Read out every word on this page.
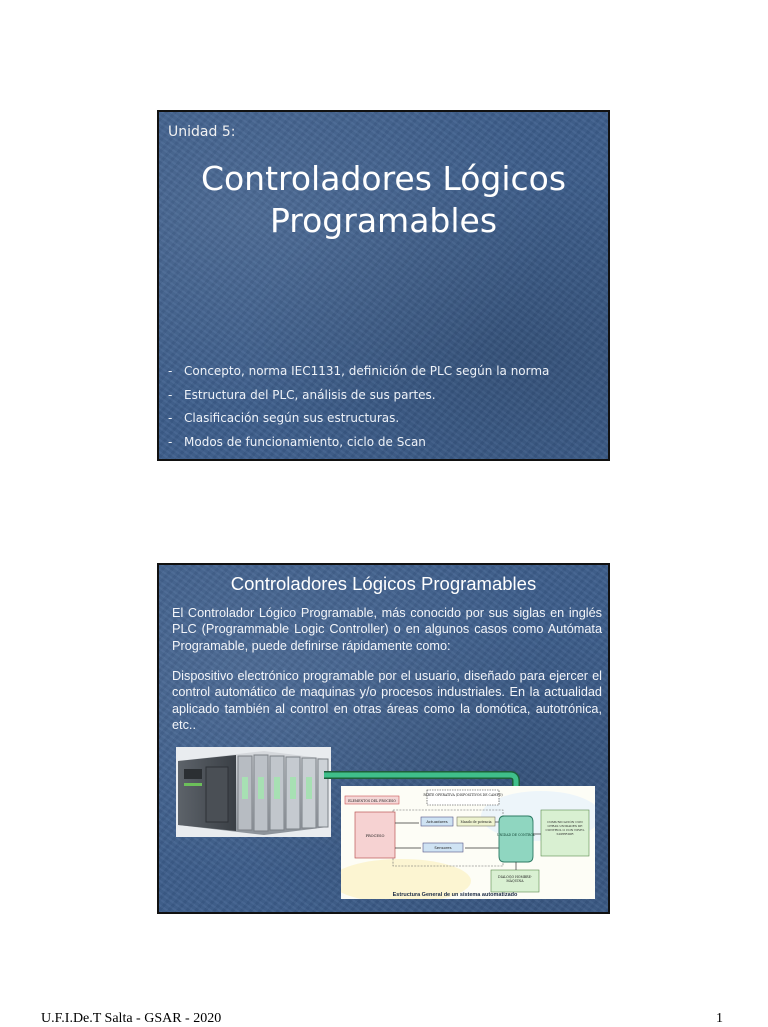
Unidad 5:
Controladores Lógicos
Programables
- Concepto, norma IEC1131, definición de PLC según la norma
- Estructura del PLC, análisis de sus partes.
- Clasificación según sus estructuras.
- Modos de funcionamiento, ciclo de Scan
Controladores Lógicos Programables

El Controlador Lógico Programable, más conocido por sus siglas en inglés PLC (Programmable Logic Controller) o en algunos casos como Autómata Programable, puede definirse rápidamente como:

Dispositivo electrónico programable por el usuario, diseñado para ejercer el control automático de maquinas y/o procesos industriales. En la actualidad aplicado también al control en otras áreas como la domótica, autotrónica, etc..

ELEMENTOS DEL PROCESO
PARTE OPERATIVA (DISPOSITIVOS DE CAMPO)
PROCESO
Actuadores	Mando de potencia
Sensores
UNIDAD DE CONTROL
COMUNICACIÓN CON OTRAS UNIDADES DE CONTROL O CON NIVEL SUPERIOR
DIÁLOGO HOMBRE-MÁQUINA
Estructura General de un sistema automatizado
U.F.I.De.T Salta - GSAR - 2020	1
